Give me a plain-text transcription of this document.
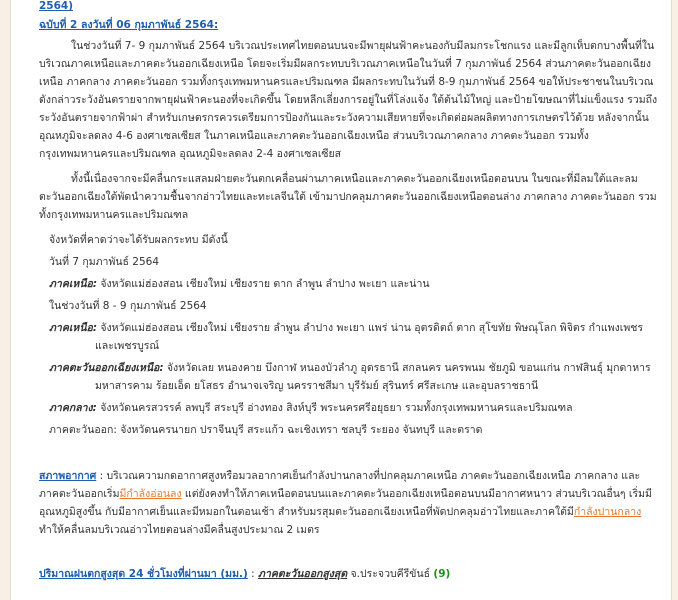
2564)
ฉบับที่ 2 ลงวันที่ 06 กุมภาพันธ์ 2564:

ในช่วงวันที่ 7- 9 กุมภาพันธ์ 2564 บริเวณประเทศไทยตอนบนจะมีพายุฝนฟ้าคะนองกับมีลมกระโชกแรง และมีลูกเห็บตกบางพื้นที่ในบริเวณภาคเหนือและภาคตะวันออกเฉียงเหนือ โดยจะเริ่มมีผลกระทบบริเวณภาคเหนือในวันที่ 7 กุมภาพันธ์ 2564 ส่วนภาคตะวันออกเฉียงเหนือ ภาคกลาง ภาคตะวันออก รวมทั้งกรุงเทพมหานครและปริมณฑล มีผลกระทบในวันที่ 8-9 กุมภาพันธ์ 2564 ขอให้ประชาชนในบริเวณดังกล่าวระวังอันตรายจากพายุฝนฟ้าคะนองที่จะเกิดขึ้น โดยหลีกเลี่ยงการอยู่ในที่โล่งแจ้ง ใต้ต้นไม้ใหญ่ และป้ายโฆษณาที่ไม่แข็งแรง รวมถึงระวังอันตรายจากฟ้าผ่า สำหรับเกษตรกรควรเตรียมการป้องกันและระวังความเสียหายที่จะเกิดต่อผลผลิตทางการเกษตรไว้ด้วย หลังจากนั้นอุณหภูมิจะลดลง 4-6 องศาเซลเซียส ในภาคเหนือและภาคตะวันออกเฉียงเหนือ ส่วนบริเวณภาคกลาง ภาคตะวันออก รวมทั้งกรุงเทพมหานครและปริมณฑล อุณหภูมิจะลดลง 2-4 องศาเซลเซียส

ทั้งนี้เนื่องจากจะมีคลื่นกระแสลมฝ่ายตะวันตกเคลื่อนผ่านภาคเหนือและภาคตะวันออกเฉียงเหนือตอนบน ในขณะที่มีลมใต้และลมตะวันออกเฉียงใต้พัดนำความชื้นจากอ่าวไทยและทะเลจีนใต้ เข้ามาปกคลุมภาคตะวันออกเฉียงเหนือตอนล่าง ภาคกลาง ภาคตะวันออก รวมทั้งกรุงเทพมหานครและปริมณฑล

จังหวัดที่คาดว่าจะได้รับผลกระทบ มีดังนี้

วันที่ 7 กุมภาพันธ์ 2564

ภาคเหนือ: จังหวัดแม่ฮ่องสอน เชียงใหม่ เชียงราย ตาก ลำพูน ลำปาง พะเยา และน่าน

ในช่วงวันที่ 8 - 9 กุมภาพันธ์ 2564

ภาคเหนือ: จังหวัดแม่ฮ่องสอน เชียงใหม่ เชียงราย ลำพูน ลำปาง พะเยา แพร่ น่าน อุตรดิตถ์ ตาก สุโขทัย พิษณุโลก พิจิตร กำแพงเพชร และเพชรบูรณ์

ภาคตะวันออกเฉียงเหนือ: จังหวัดเลย หนองคาย บึงกาฬ หนองบัวลำภู อุดรธานี สกลนคร นครพนม ชัยภูมิ ขอนแก่น กาฬสินธุ์ มุกดาหาร มหาสารคาม ร้อยเอ็ด ยโสธร อำนาจเจริญ นครราชสีมา บุรีรัมย์ สุรินทร์ ศรีสะเกษ และอุบลราชธานี

ภาคกลาง: จังหวัดนครสวรรค์ ลพบุรี สระบุรี อ่างทอง สิงห์บุรี พระนครศรีอยุธยา รวมทั้งกรุงเทพมหานครและปริมณฑล

ภาคตะวันออก: จังหวัดนครนายก ปราจีนบุรี สระแก้ว ฉะเชิงเทรา ชลบุรี ระยอง จันทบุรี และตราด

สภาพอากาศ : บริเวณความกดอากาศสูงหรือมวลอากาศเย็นกำลังปานกลางที่ปกคลุมภาคเหนือ ภาคตะวันออกเฉียงเหนือ ภาคกลาง และภาคตะวันออกเริ่มมีกำลังอ่อนลง แต่ยังคงทำให้ภาคเหนือตอนบนและภาคตะวันออกเฉียงเหนือตอนบนมีอากาศหนาว ส่วนบริเวณอื่นๆ เริ่มมีอุณหภูมิสูงขึ้น กับมีอากาศเย็นและมีหมอกในตอนเช้า สำหรับมรสุมตะวันออกเฉียงเหนือที่พัดปกคลุมอ่าวไทยและภาคใต้มีกำลังปานกลาง ทำให้คลื่นลมบริเวณอ่าวไทยตอนล่างมีคลื่นสูงประมาณ 2 เมตร

ปริมาณฝนตกสูงสุด 24 ชั่วโมงที่ผ่านมา (มม.) : ภาคตะวันออกสูงสุด จ.ประจวบคีรีขันธ์ (9)
